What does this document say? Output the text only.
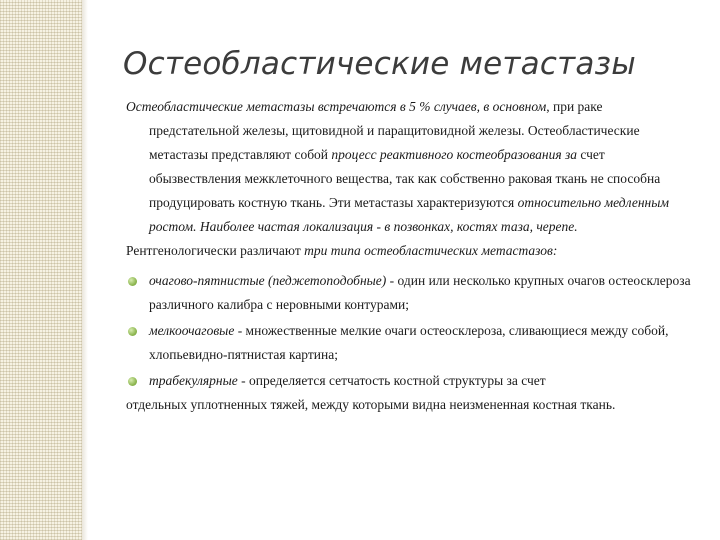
Остеобластические метастазы

Остеобластические метастазы встречаются в 5 % случаев, в основном, при раке предстательной железы, щитовидной и паращитовидной железы. Остеобластические метастазы представляют собой процесс реактивного костеобразования за счет обызвествления межклеточного вещества, так как собственно раковая ткань не способна продуцировать костную ткань. Эти метастазы характеризуются относительно медленным ростом. Наиболее частая локализация - в позвонках, костях таза, черепе.

Рентгенологически различают три типа остеобластических метастазов:

очагово-пятнистые (педжетоподобные) - один или несколько крупных очагов остеосклероза различного калибра с неровными контурами;
мелкоочаговые - множественные мелкие очаги остеосклероза, сливающиеся между собой, хлопьевидно-пятнистая картина;
трабекулярные - определяется сетчатость костной структуры за счет

отдельных уплотненных тяжей, между которыми видна неизмененная костная ткань.
